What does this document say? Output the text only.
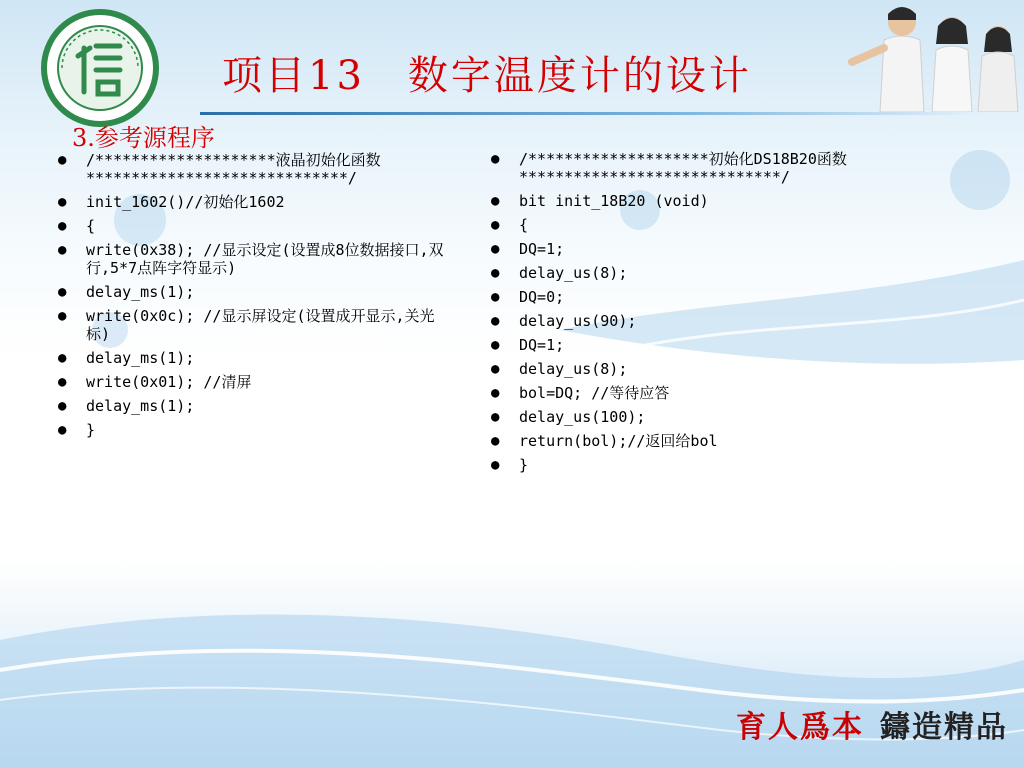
项目13　数字温度计的设计
3.参考源程序
● /********************液晶初始化函数*****************************/
● init_1602()//初始化1602
● {
● write(0x38); //显示设定(设置成8位数据接口,双行,5*7点阵字符显示)
● delay_ms(1);
● write(0x0c); //显示屏设定(设置成开显示,关光标)
● delay_ms(1);
● write(0x01); //清屏
● delay_ms(1);
● }
● /********************初始化DS18B20函数*****************************/
● bit init_18B20 (void)
● {
● DQ=1;
● delay_us(8);
● DQ=0;
● delay_us(90);
● DQ=1;
● delay_us(8);
● bol=DQ; //等待应答
● delay_us(100);
● return(bol);//返回给bol
● }
育人爲本 鑄造精品
